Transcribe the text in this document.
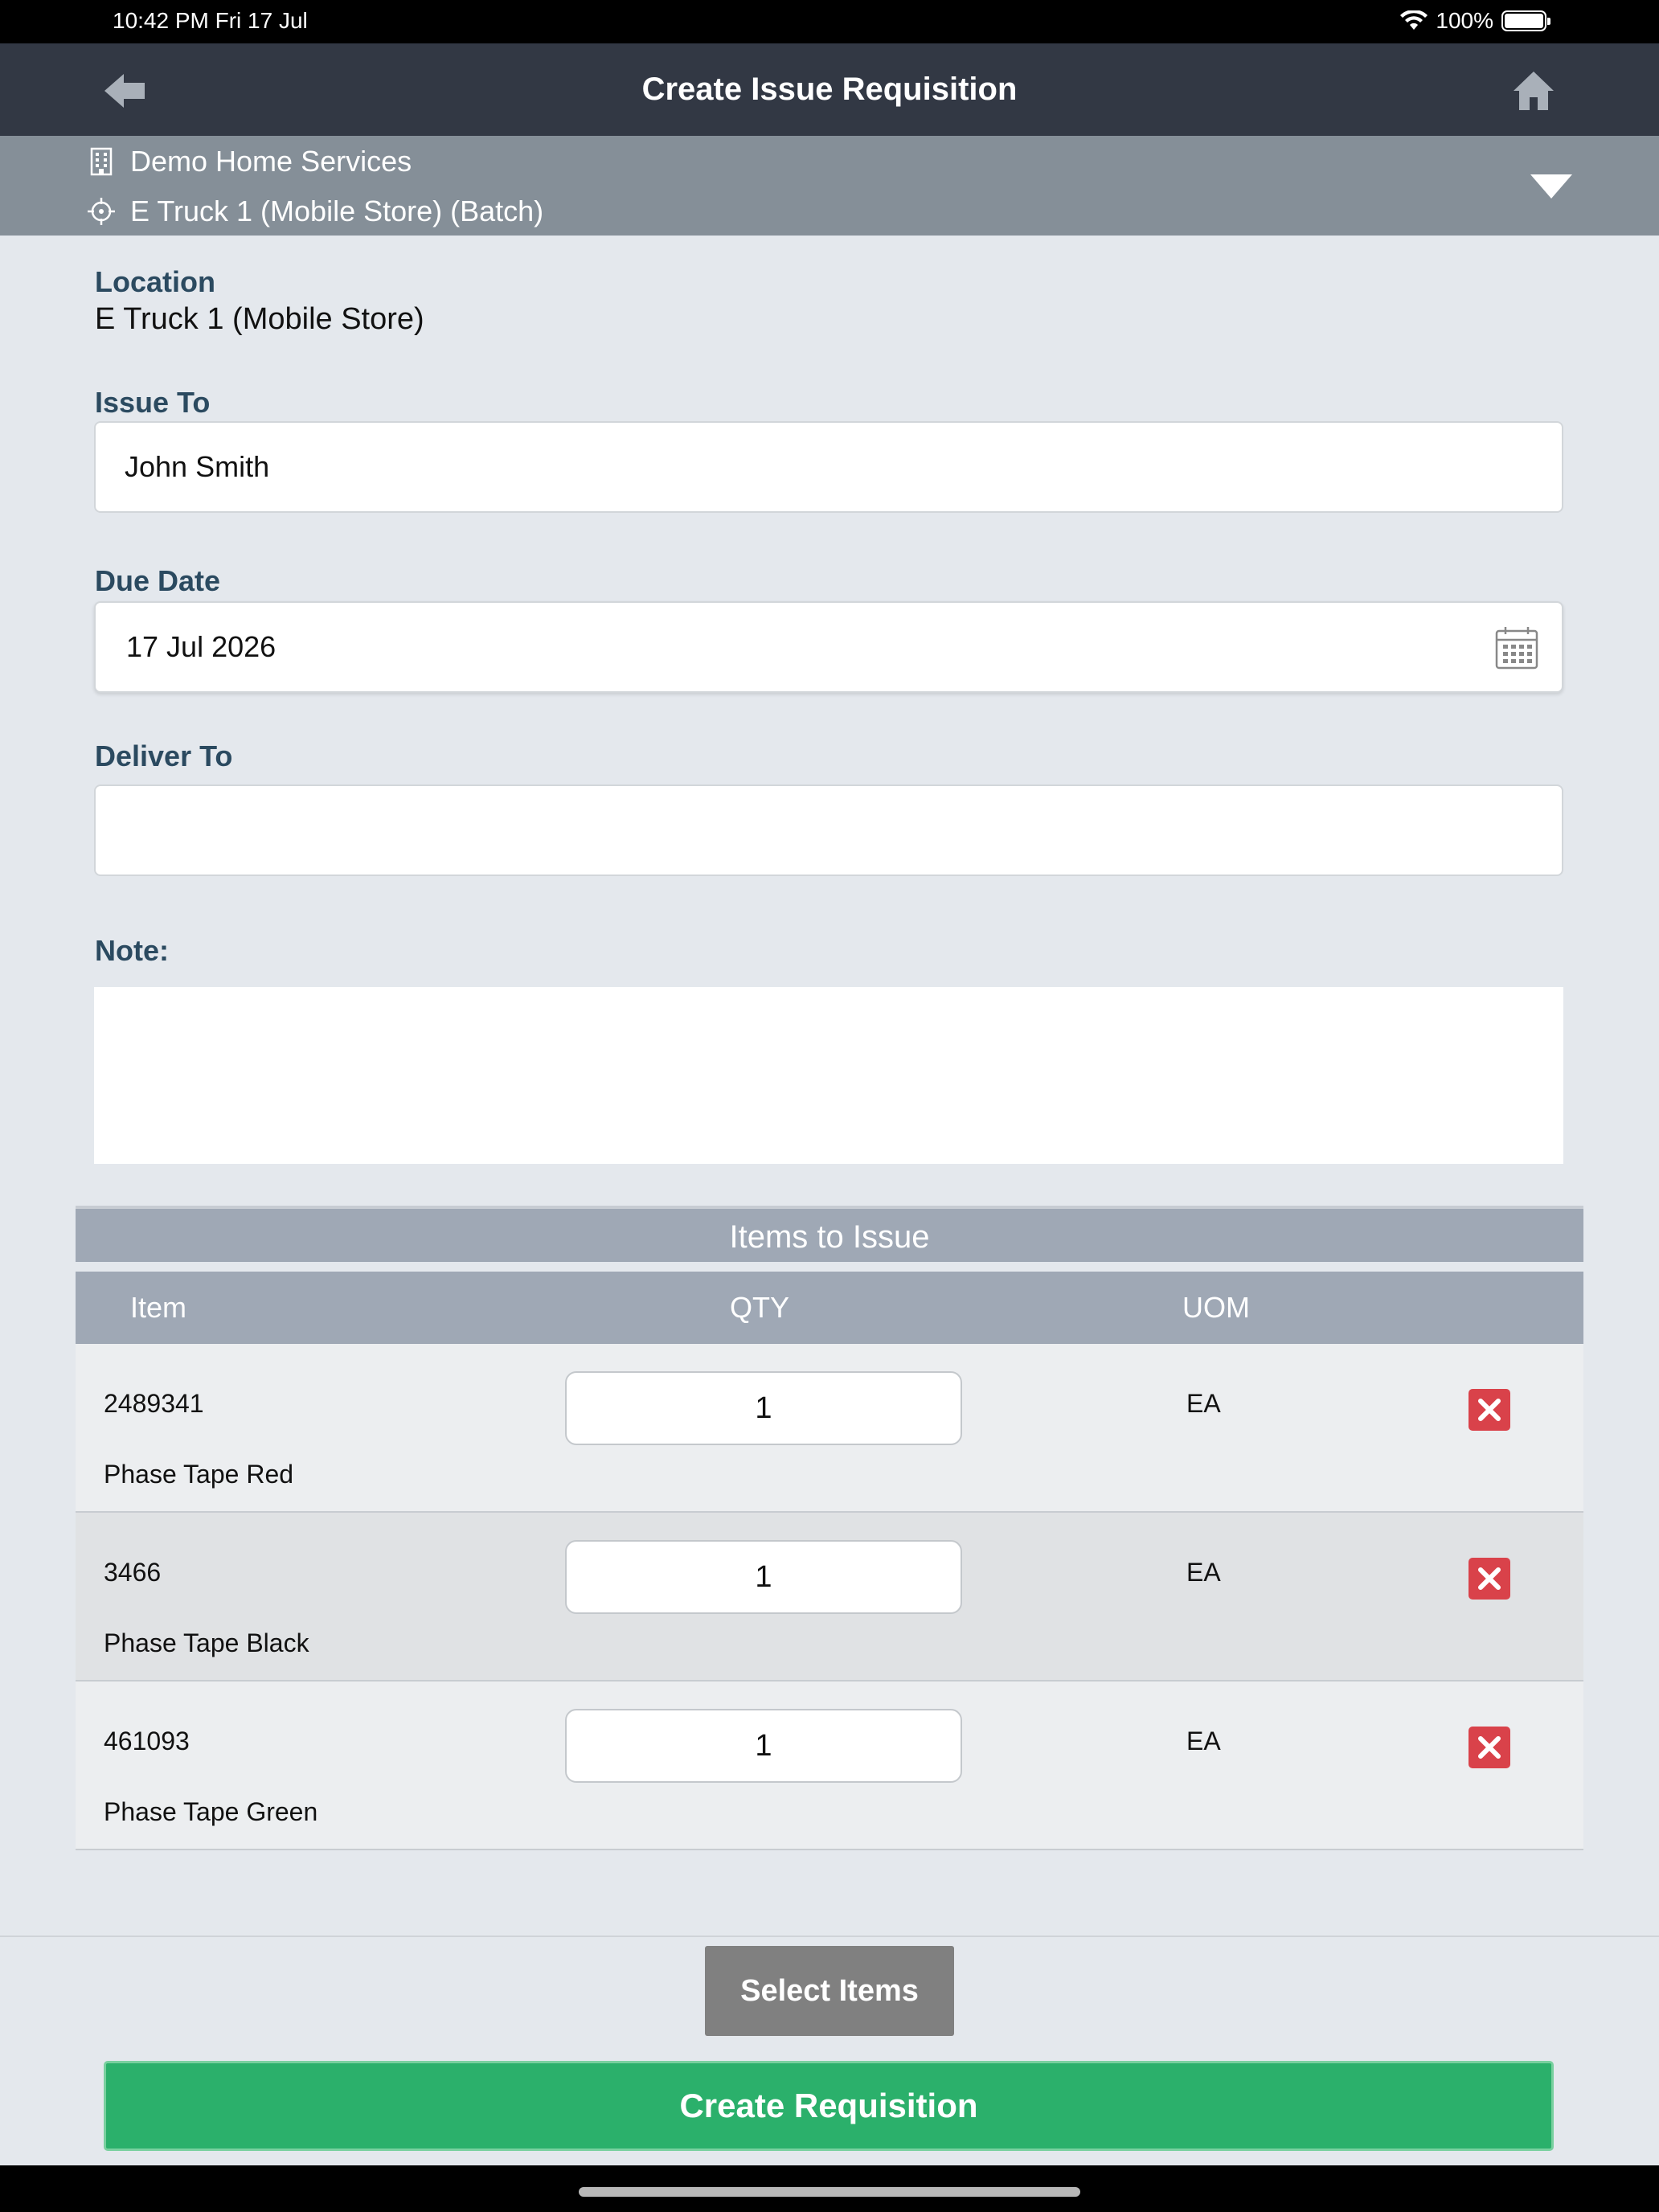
10:42 PM Fri 17 Jul	100%
Create Issue Requisition
Demo Home Services
E Truck 1 (Mobile Store) (Batch)
Location
E Truck 1 (Mobile Store)
Issue To
John Smith
Due Date
17 Jul 2026
Deliver To
Note:
Items to Issue
Item	QTY	UOM
2489341
Phase Tape Red
1	EA
3466
Phase Tape Black
1	EA
461093
Phase Tape Green
1	EA
Select Items
Create Requisition
